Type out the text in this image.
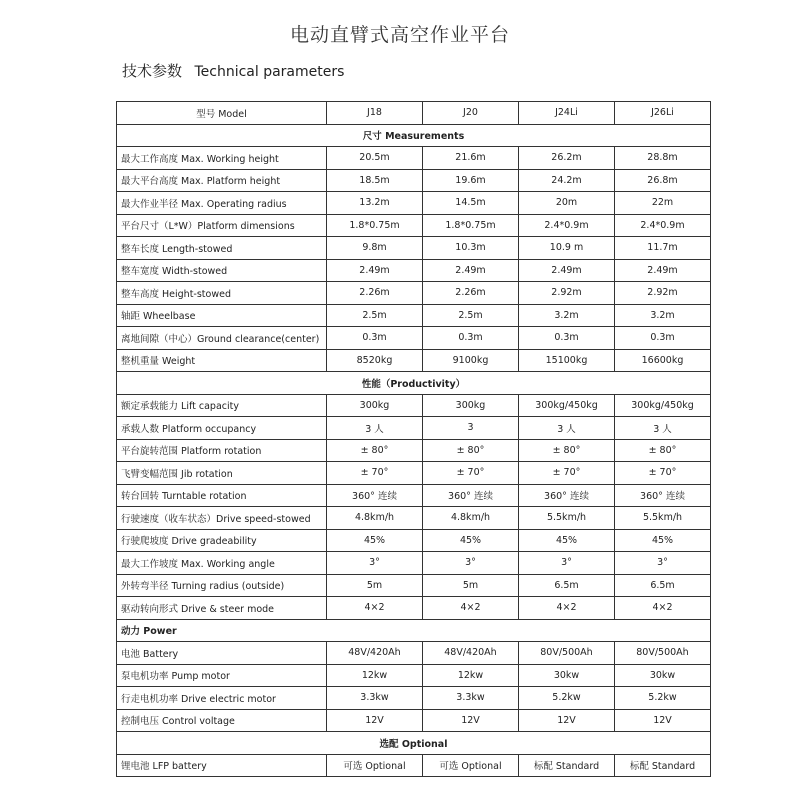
电动直臂式高空作业平台
技术参数 Technical parameters
型号 Model	J18	J20	J24Li	J26Li
尺寸 Measurements				
最大工作高度 Max. Working height	20.5m	21.6m	26.2m	28.8m
最大平台高度 Max. Platform height	18.5m	19.6m	24.2m	26.8m
最大作业半径 Max. Operating radius	13.2m	14.5m	20m	22m
平台尺寸（L*W）Platform dimensions	1.8*0.75m	1.8*0.75m	2.4*0.9m	2.4*0.9m
整车长度 Length-stowed	9.8m	10.3m	10.9 m	11.7m
整车宽度 Width-stowed	2.49m	2.49m	2.49m	2.49m
整车高度 Height-stowed	2.26m	2.26m	2.92m	2.92m
轴距 Wheelbase	2.5m	2.5m	3.2m	3.2m
离地间隙（中心）Ground clearance(center)	0.3m	0.3m	0.3m	0.3m
整机重量 Weight	8520kg	9100kg	15100kg	16600kg
性能（Productivity）				
额定承载能力 Lift capacity	300kg	300kg	300kg/450kg	300kg/450kg
承载人数 Platform occupancy	3 人	3	3 人	3 人
平台旋转范围 Platform rotation	± 80°	± 80°	± 80°	± 80°
飞臂变幅范围 Jib rotation	± 70°	± 70°	± 70°	± 70°
转台回转 Turntable rotation	360° 连续	360° 连续	360° 连续	360° 连续
行驶速度（收车状态）Drive speed-stowed	4.8km/h	4.8km/h	5.5km/h	5.5km/h
行驶爬坡度 Drive gradeability	45%	45%	45%	45%
最大工作坡度 Max. Working angle	3°	3°	3°	3°
外转弯半径 Turning radius (outside)	5m	5m	6.5m	6.5m
驱动转向形式 Drive & steer mode	4×2	4×2	4×2	4×2
动力 Power				
电池 Battery	48V/420Ah	48V/420Ah	80V/500Ah	80V/500Ah
泵电机功率 Pump motor	12kw	12kw	30kw	30kw
行走电机功率 Drive electric motor	3.3kw	3.3kw	5.2kw	5.2kw
控制电压 Control voltage	12V	12V	12V	12V
选配 Optional				
锂电池 LFP battery	可选 Optional	可选 Optional	标配 Standard	标配 Standard
